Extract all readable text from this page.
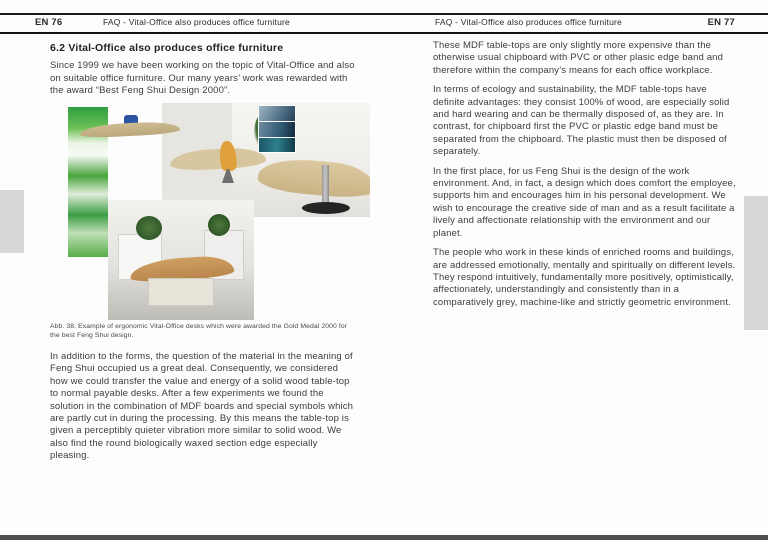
EN 76	FAQ - Vital-Office also produces office furniture	FAQ - Vital-Office also produces office furniture	EN 77
6.2 Vital-Office also produces office furniture

Since 1999 we have been working on the topic of Vital-Office and also on suitable office furniture. Our many years’ work was rewarded with the award “Best Feng Shui Design 2000”.

Abb. 38. Example of ergonomic Vital-Office desks which were awarded the Gold Medal 2000 for the best Feng Shui design.
In addition to the forms, the question of the material in the meaning of Feng Shui occupied us a great deal. Consequently, we considered how we could transfer the value and energy of a solid wood table-top to normal payable desks. After a few experiments we found the solution in the combination of MDF boards and special symbols which are partly cut in during the processing. By this means the table-top is given a perceptibly quieter vibration more similar to solid wood. We also find the round biologically waxed section edge especially pleasing.

These MDF table-tops are only slightly more expensive than the otherwise usual chipboard with PVC or other plasic edge band and therefore within the company’s means for each office workplace.

In terms of ecology and sustainability, the MDF table-tops have definite advantages: they consist 100% of wood, are especially solid and hard wearing and can be thermally disposed of, as they are. In contrast, for chipboard first the PVC or plastic edge band must be separated from the chipboard. The plastic must then be disposed of separately.

In the first place, for us Feng Shui is the design of the work environment. And, in fact, a design which does comfort the employee, supports him and encourages him in his personal development. We wish to encourage the creative side of man and as a result facilitate a lively and affectionate relationship with the environment and our planet.

The people who work in these kinds of enriched rooms and buildings, are addressed emotionally, mentally and spiritually on different levels. They respond intuitively, fundamentally more positively, optimistically, affectionately, understandingly and consistently than in a comparatively grey, machine-like and strictly geometric environment.
